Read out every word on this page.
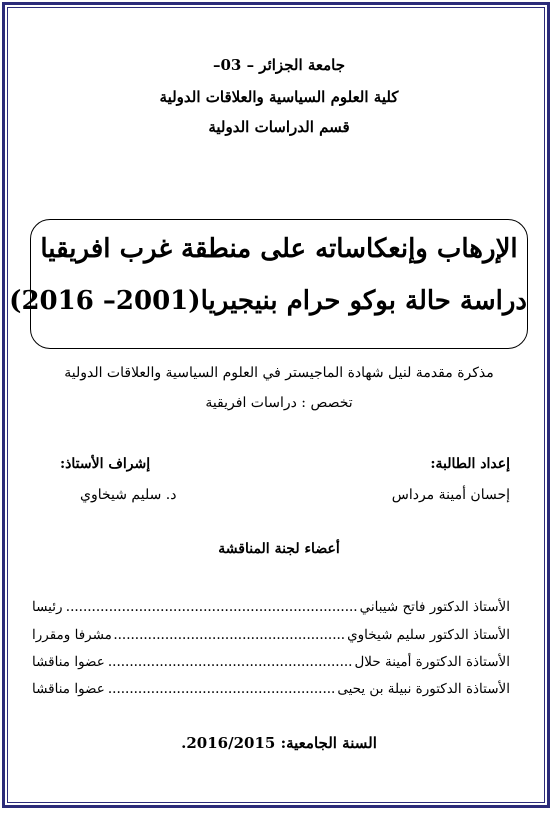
جامعة الجزائر – 03–
كلية العلوم السياسية والعلاقات الدولية
قسم الدراسات الدولية
الإرهاب وإنعكاساته على منطقة غرب افريقيا
دراسة حالة بوكو حرام بنيجيريا(2001– 2016)
مذكرة مقدمة لنيل شهادة الماجيستر في العلوم السياسية والعلاقات الدولية
تخصص : دراسات افريقية
إعداد الطالبة:
إشراف الأستاذ:
إحسان أمينة مرداس
د. سليم شيخاوي
أعضاء لجنة المناقشة
الأستاذ الدكتور فاتح شيباني
.....
رئيسا
الأستاذ الدكتور سليم شيخاوي
.....
مشرفا ومقررا
الأستاذة الدكتورة أمينة حلال
.....
عضوا مناقشا
الأستاذة الدكتورة نبيلة بن يحيى
.....
عضوا مناقشا
السنة الجامعية: 2016/2015.
